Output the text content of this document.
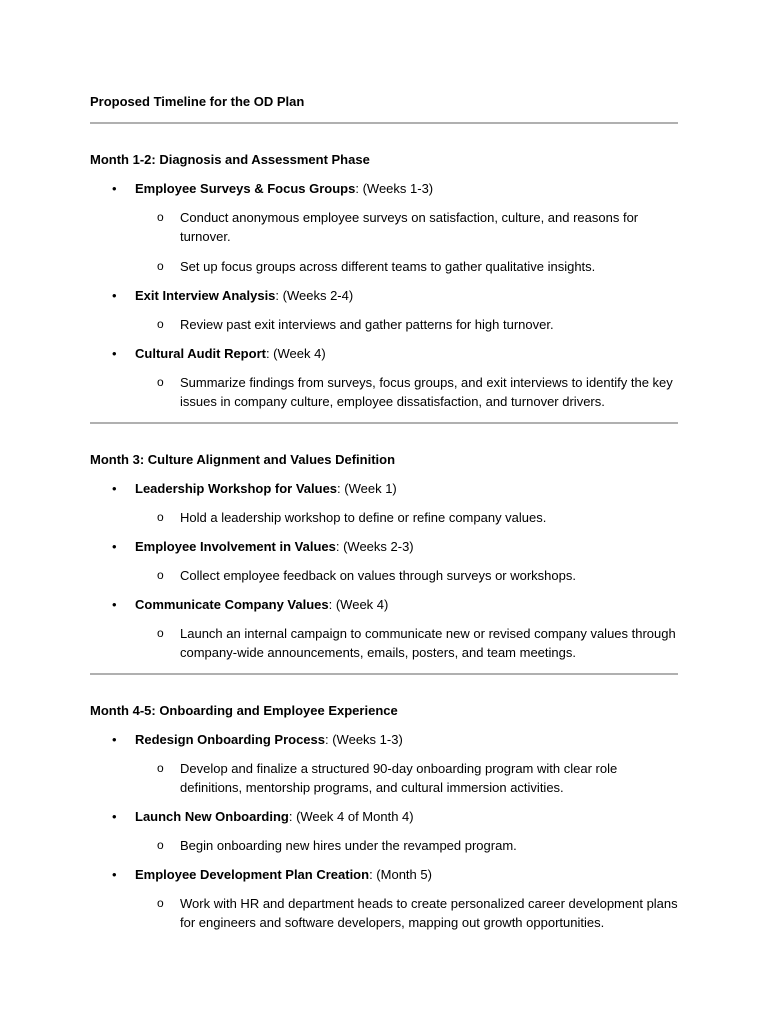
Proposed Timeline for the OD Plan
Month 1-2: Diagnosis and Assessment Phase
• Employee Surveys & Focus Groups: (Weeks 1-3)
o Conduct anonymous employee surveys on satisfaction, culture, and reasons for turnover.
o Set up focus groups across different teams to gather qualitative insights.
• Exit Interview Analysis: (Weeks 2-4)
o Review past exit interviews and gather patterns for high turnover.
• Cultural Audit Report: (Week 4)
o Summarize findings from surveys, focus groups, and exit interviews to identify the key issues in company culture, employee dissatisfaction, and turnover drivers.
Month 3: Culture Alignment and Values Definition
• Leadership Workshop for Values: (Week 1)
o Hold a leadership workshop to define or refine company values.
• Employee Involvement in Values: (Weeks 2-3)
o Collect employee feedback on values through surveys or workshops.
• Communicate Company Values: (Week 4)
o Launch an internal campaign to communicate new or revised company values through company-wide announcements, emails, posters, and team meetings.
Month 4-5: Onboarding and Employee Experience
• Redesign Onboarding Process: (Weeks 1-3)
o Develop and finalize a structured 90-day onboarding program with clear role definitions, mentorship programs, and cultural immersion activities.
• Launch New Onboarding: (Week 4 of Month 4)
o Begin onboarding new hires under the revamped program.
• Employee Development Plan Creation: (Month 5)
o Work with HR and department heads to create personalized career development plans for engineers and software developers, mapping out growth opportunities.
